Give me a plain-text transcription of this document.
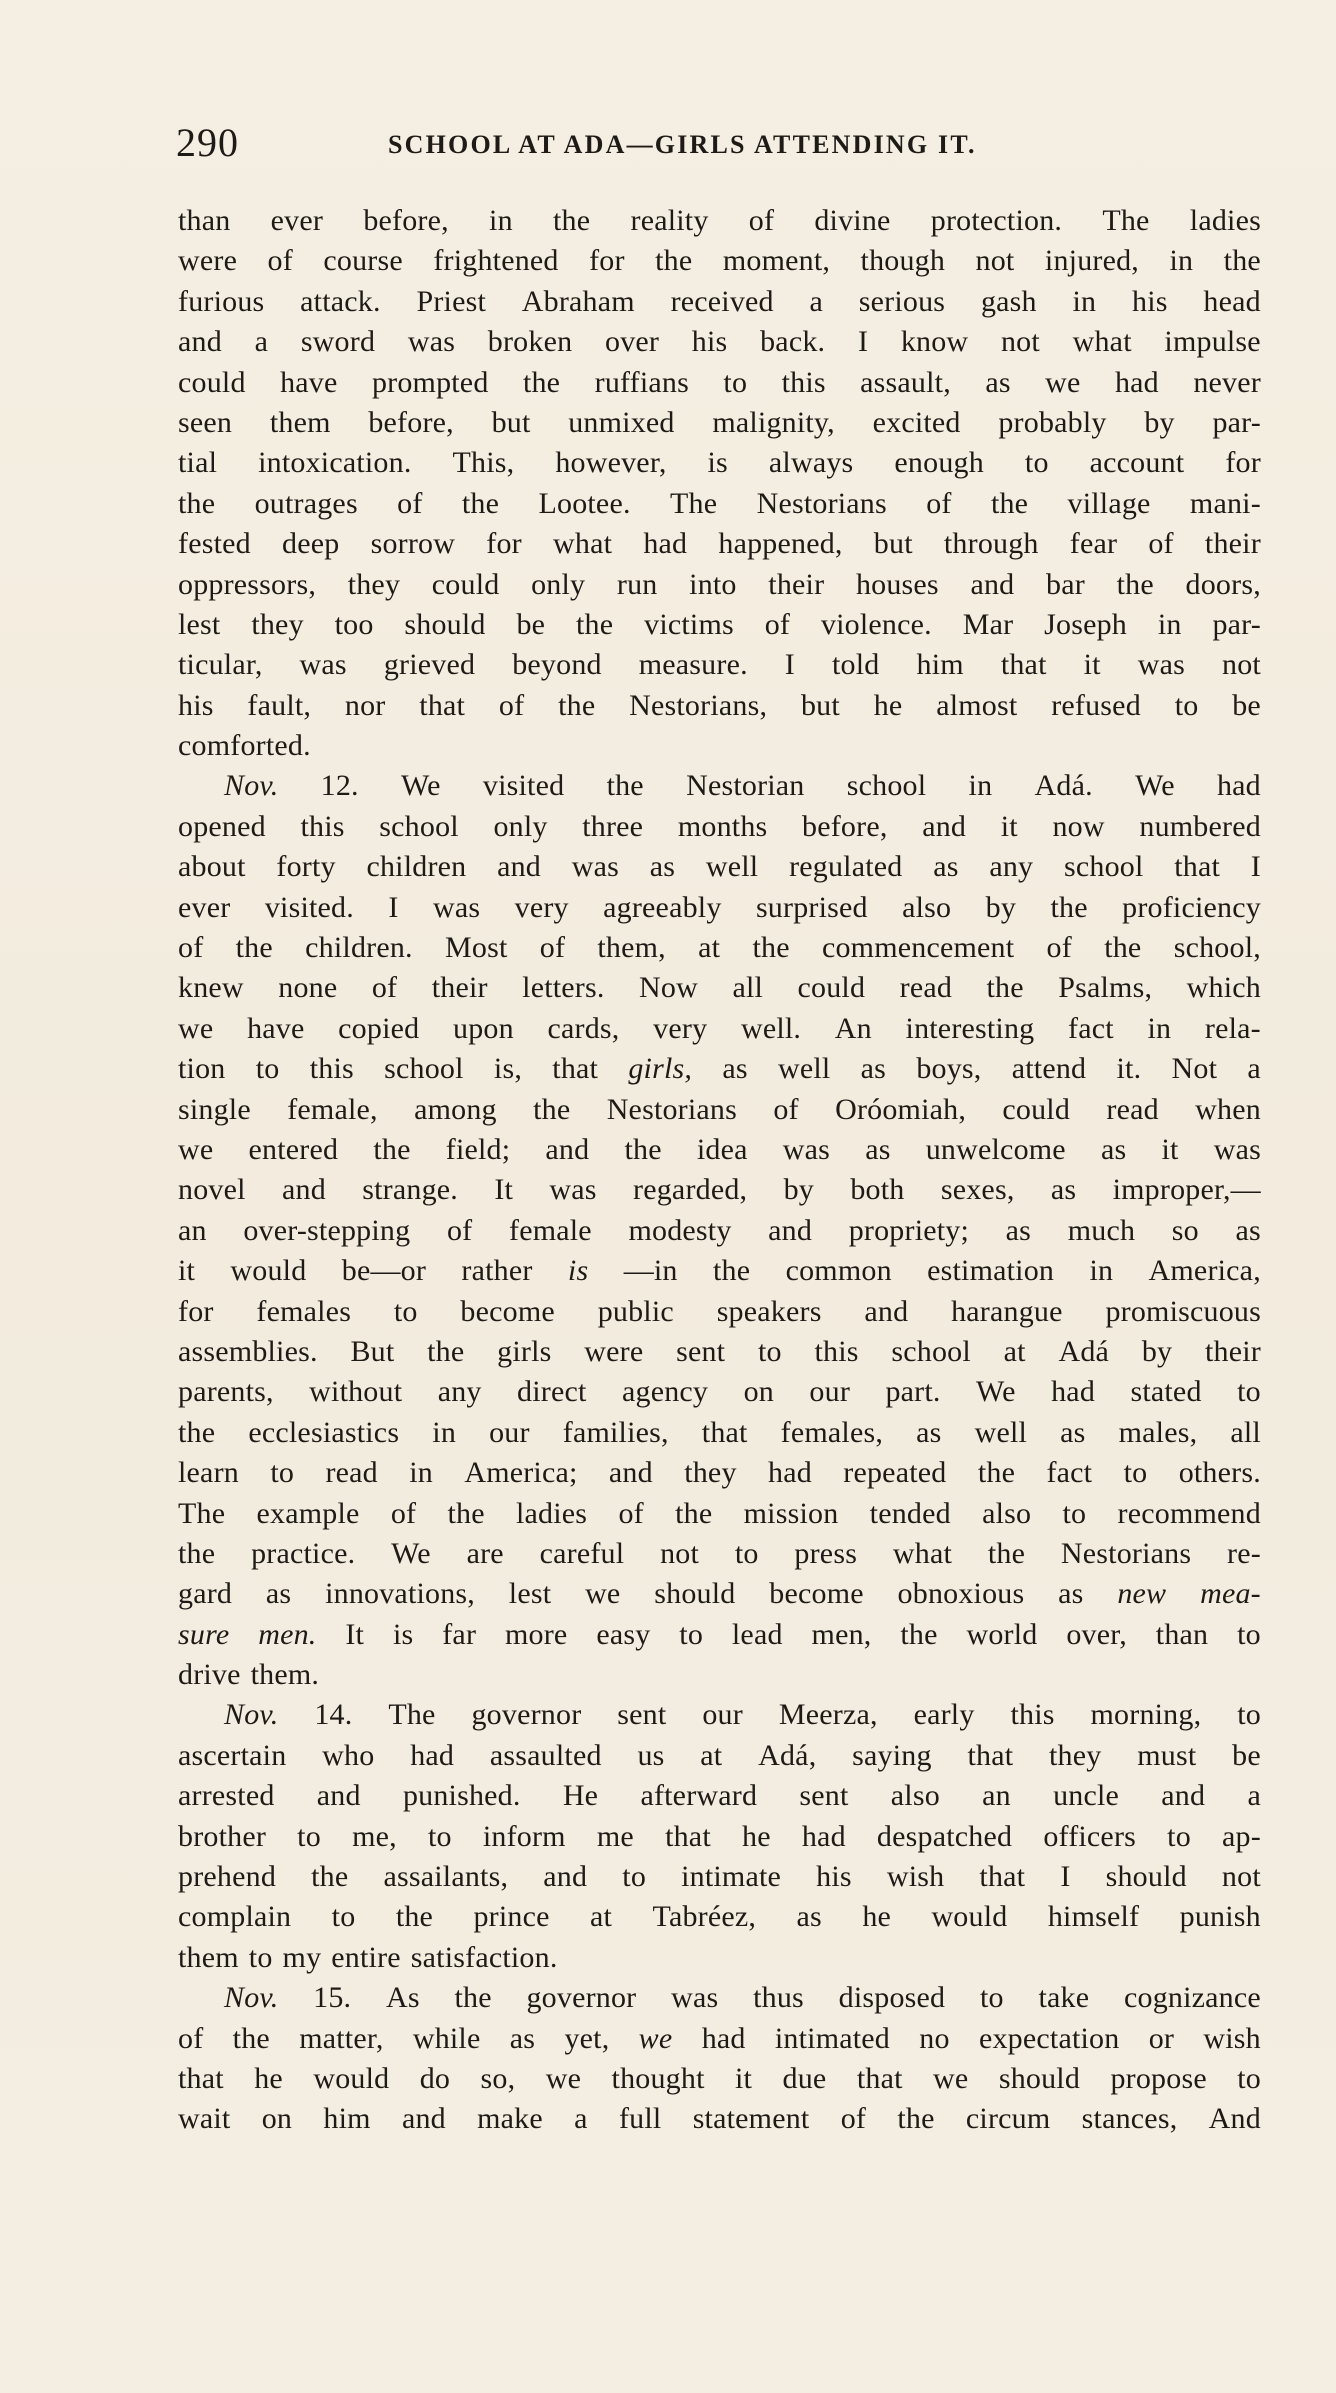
290	SCHOOL AT ADA—GIRLS ATTENDING IT.
than ever before, in the reality of divine protection. The ladies
were of course frightened for the moment, though not injured, in the
furious attack. Priest Abraham received a serious gash in his head
and a sword was broken over his back. I know not what impulse
could have prompted the ruffians to this assault, as we had never
seen them before, but unmixed malignity, excited probably by par-
tial intoxication. This, however, is always enough to account for
the outrages of the Lootee. The Nestorians of the village mani-
fested deep sorrow for what had happened, but through fear of their
oppressors, they could only run into their houses and bar the doors,
lest they too should be the victims of violence. Mar Joseph in par-
ticular, was grieved beyond measure. I told him that it was not
his fault, nor that of the Nestorians, but he almost refused to be
comforted.
Nov. 12. We visited the Nestorian school in Adá. We had
opened this school only three months before, and it now numbered
about forty children and was as well regulated as any school that I
ever visited. I was very agreeably surprised also by the proficiency
of the children. Most of them, at the commencement of the school,
knew none of their letters. Now all could read the Psalms, which
we have copied upon cards, very well. An interesting fact in rela-
tion to this school is, that girls, as well as boys, attend it. Not a
single female, among the Nestorians of Oróomiah, could read when
we entered the field; and the idea was as unwelcome as it was
novel and strange. It was regarded, by both sexes, as improper,—
an over-stepping of female modesty and propriety; as much so as
it would be—or rather is —in the common estimation in America,
for females to become public speakers and harangue promiscuous
assemblies. But the girls were sent to this school at Adá by their
parents, without any direct agency on our part. We had stated to
the ecclesiastics in our families, that females, as well as males, all
learn to read in America; and they had repeated the fact to others.
The example of the ladies of the mission tended also to recommend
the practice. We are careful not to press what the Nestorians re-
gard as innovations, lest we should become obnoxious as new mea-
sure men. It is far more easy to lead men, the world over, than to
drive them.
Nov. 14. The governor sent our Meerza, early this morning, to
ascertain who had assaulted us at Adá, saying that they must be
arrested and punished. He afterward sent also an uncle and a
brother to me, to inform me that he had despatched officers to ap-
prehend the assailants, and to intimate his wish that I should not
complain to the prince at Tabréez, as he would himself punish
them to my entire satisfaction.
Nov. 15. As the governor was thus disposed to take cognizance
of the matter, while as yet, we had intimated no expectation or wish
that he would do so, we thought it due that we should propose to
wait on him and make a full statement of the circum stances, And
